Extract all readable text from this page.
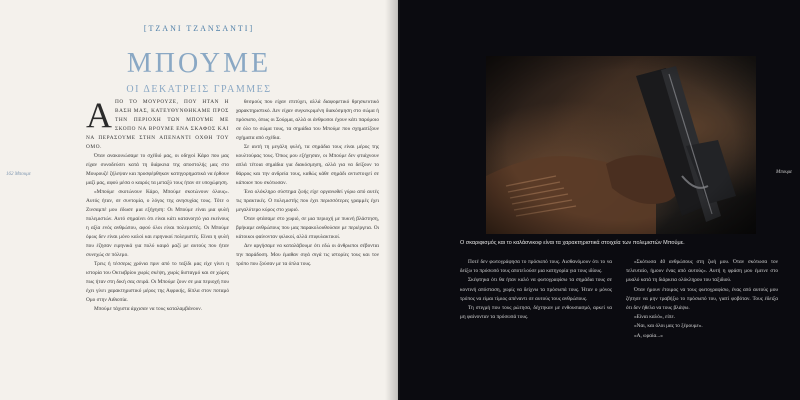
[ΤΖΑΝΙ ΤΖΑΝΣΑΝΤΙ]
ΜΠΟΥΜΕ
ΟΙ ΔΕΚΑΤΡΕΙΣ ΓΡΑΜΜΕΣ

ΑΠΟ ΤΟ ΜΟΥΡΟΥΖΕ, ΠΟΥ ΗΤΑΝ Η ΒΑΣΗ ΜΑΣ, ΚΑΤΕΥΘΥΝΘΗΚΑΜΕ ΠΡΟΣ ΤΗΝ ΠΕΡΙΟΧΗ ΤΩΝ ΜΠΟΥΜΕ ΜΕ ΣΚΟΠΟ ΝΑ ΒΡΟΥΜΕ ΕΝΑ ΣΚΑΦΟΣ ΚΑΙ ΝΑ ΠΕΡΑΣΟΥΜΕ ΣΤΗΝ ΑΠΕΝΑΝΤΙ ΟΧΘΗ ΤΟΥ ΟΜΟ.

Όταν ανακοινώσαμε το σχέδιό μας, οι οδηγοί Κάρο που μας είχαν συνοδεύσει κατά τη διάρκεια της αποστολής μας στο Μουρουζέ ζήλεψαν και προσφέρθηκαν κατηγορηματικά να έρθουν μαζί μας, αφού μέσα ο καιρός τα μεταξύ τους ήταν σε υποχώρηση.

«Μπούμε σκοτώνουν Κάρο, Μπούμε σκοτώνουν όλους». Αυτός ήταν, σε συντομία, ο λόγος της ανησυχίας τους. Τότε ο Ζινσαμπέ μου έδωσε μια εξήγηση: Οι Μπούμε είναι μια φυλή πολεμιστών. Αυτό σημαίνει ότι είναι κάτι κατανοητό για εκείνους η αξία ενός ανθρώπου, αφού όλοι είναι πολεμιστές. Οι Μπούμε όμως δεν είναι μόνο καλοί και ειρηνικοί πολεμιστές. Είναι η φυλή που έζησαν ειρηνικά για πολύ καιρό μαζί με αυτούς που ήταν συνεχώς σε πόλεμο.

Τρεις ή τέσσερις χρόνια πριν από το ταξίδι μας είχε γίνει η ιστορία του Οκτωβρίου χωρίς σκέψη, χωρίς δισταγμό και σε χώρες πως ήταν στη δική σας σειρά. Οι Μπούμε ζουν σε μια περιοχή που έχει γίνει χαρακτηριστικό μέρος της Αφρικής, δίπλα στον ποταμό Ομο στην Αιθιοπία.

Μπούμε τάχιστα άρχισαν να τους καταλαμβάνουν.

θεσμούς που είχαν επιτύχει, αλλά διαφορετικό θρησκευτικό χαρακτηριστικό. Δεν είχαν συγκεκριμένη διακόσμηση στο σώμα ή πρόσωπο, όπως οι Σούρμα, αλλά οι άνθρωποι έχουν κάτι παρόμοιο σε όλο το σώμα τους, τα σημάδια του Μπούμε που σχηματίζουν σχήματα από σχέδια.

Σε αυτή τη μεγάλη φυλή, τα σημάδια τους είναι μέρος της κουλτούρας τους. Όπως μου εξήγησαν, οι Μπούμε δεν φτιάχνουν απλά τέτοια σημάδια για διακόσμηση, αλλά για να δείξουν το θάρρος και την ανδρεία τους, καθώς κάθε σημάδι αντιστοιχεί σε κάποιον που σκότωσαν.

Ένα ολόκληρο σύστημα ζωής είχε οργανωθεί γύρω από αυτές τις πρακτικές. Ο πολεμιστής που έχει περισσότερες γραμμές έχει μεγαλύτερο κύρος στο χωριό.

Όταν φτάσαμε στο χωριό, σε μια περιοχή με πυκνή βλάστηση, βρήκαμε ανθρώπους που μας παρακολουθούσαν με περιέργεια. Οι κάτοικοι φαίνονταν φιλικοί, αλλά επιφυλακτικοί.

Δεν αργήσαμε να καταλάβουμε ότι εδώ οι άνθρωποι σέβονται την παράδοση. Μου έμαθαν σιγά σιγά τις ιστορίες τους και τον τρόπο που ζούσαν με τα όπλα τους.

162 Μπουμε	Μπουμε
Ο σκαριφισμός και το καλάσνικοφ είναι τα χαρακτηριστικά στοιχεία των πολεμιστών Μπούμε.

Ποτέ δεν φωτογράφησα το πρόσωπό τους. Αισθανόμουν ότι το να δείξω το πρόσωπό τους αποτελούσε μια κατηγορία για τους ιδίους.

Σκέφτηκα ότι θα ήταν καλό να φωτογραφίσω τα σημάδια τους σε κοντινή απόσταση, χωρίς να δείχνω τα πρόσωπά τους. Ήταν ο μόνος τρόπος να είμαι τίμιος απέναντι σε αυτούς τους ανθρώπους.

Τη στιγμή που τους ρώτησα, δέχτηκαν με ενθουσιασμό, αρκεί να μη φαίνονταν τα πρόσωπά τους.

«Σκότωσα 40 ανθρώπους στη ζωή μου. Όταν σκότωσα τον τελευταίο, ήμουν ένας από αυτούς». Αυτή η φράση μου έμεινε στο μυαλό κατά τη διάρκεια ολόκληρου του ταξιδιού.

Όταν ήμουν έτοιμος να τους φωτογραφίσω, ένας από αυτούς μου ζήτησε να μην τραβήξω το πρόσωπό του, γιατί φοβόταν. Τους έδειξα ότι δεν ήθελα να τους βλάψω.

«Είναι καλό», είπε.

«Ναι, και όλοι μας το ξέρουμε».

«Α, ωραία...»
